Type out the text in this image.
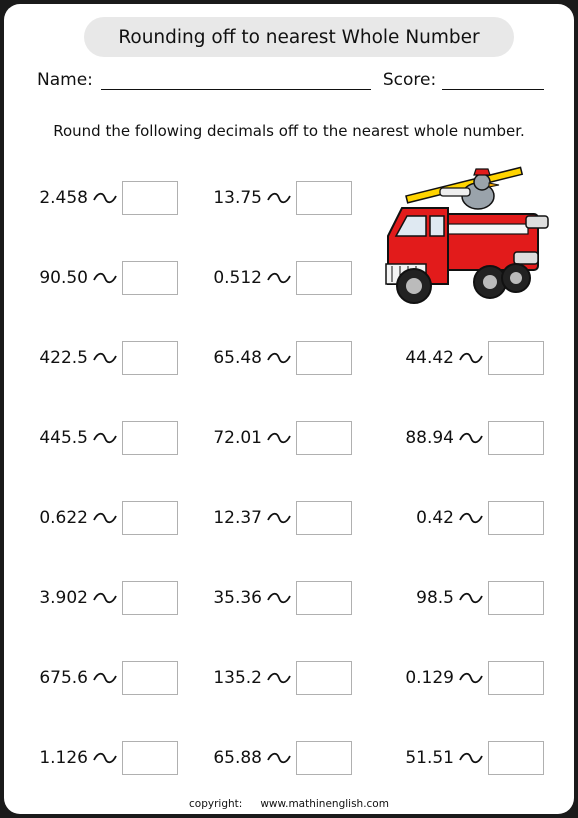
Rounding off to nearest Whole Number
Name:	Score:
Round the following decimals off to the nearest whole number.
2.458
90.50
422.5
445.5
0.622
3.902
675.6
1.126
13.75
0.512
65.48
72.01
12.37
35.36
135.2
65.88
44.42
88.94
0.42
98.5
0.129
51.51
copyright: www.mathinenglish.com
